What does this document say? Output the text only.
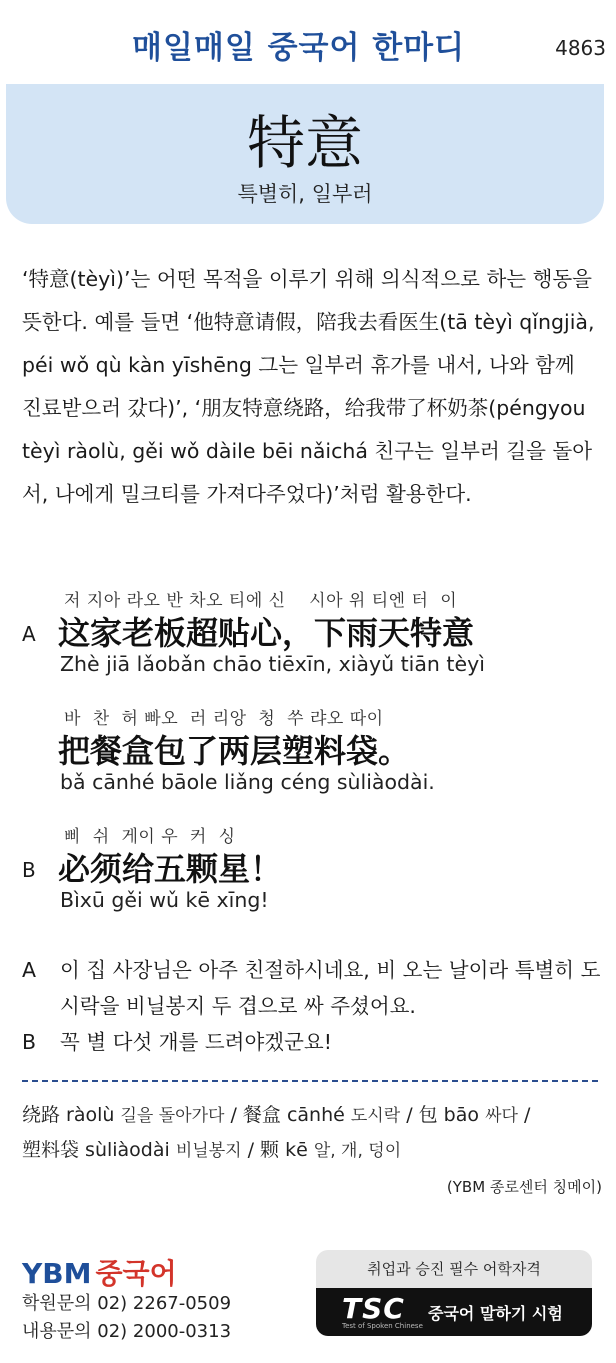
매일매일 중국어 한마디	4863
特意
특별히, 일부러
‘特意(tèyì)’는 어떤 목적을 이루기 위해 의식적으로 하는 행동을 뜻한다. 예를 들면 ‘他特意请假，陪我去看医生(tā tèyì qǐngjià, péi wǒ qù kàn yīshēng 그는 일부러 휴가를 내서, 나와 함께 진료받으러 갔다)’, ‘朋友特意绕路，给我带了杯奶茶(péngyou tèyì ràolù, gěi wǒ dàile bēi nǎichá 친구는 일부러 길을 돌아서, 나에게 밀크티를 가져다주었다)’처럼 활용한다.
A
저 지아 라오 반 차오 티에 신    시아 위 티엔 터  이
这家老板超贴心，下雨天特意
Zhè jiā lǎobǎn chāo tiēxīn, xiàyǔ tiān tèyì
바  찬  허 빠오  러 리앙  청  쑤 랴오 따이
把餐盒包了两层塑料袋。
bǎ cānhé bāole liǎng céng sùliàodài.
B
삐  쉬  게이 우  커  싱
必须给五颗星！
Bìxū gěi wǔ kē xīng!
A 이 집 사장님은 아주 친절하시네요, 비 오는 날이라 특별히 도시락을 비닐봉지 두 겹으로 싸 주셨어요.
B 꼭 별 다섯 개를 드려야겠군요!
绕路 ràolù 길을 돌아가다 / 餐盒 cānhé 도시락 / 包 bāo 싸다 /
塑料袋 sùliàodài 비닐봉지 / 颗 kē 알, 개, 덩이
(YBM 종로센터 칭메이)
YBM 중국어
학원문의 02) 2267-0509
내용문의 02) 2000-0313
취업과 승진 필수 어학자격
TSC
Test of Spoken Chinese
중국어 말하기 시험
